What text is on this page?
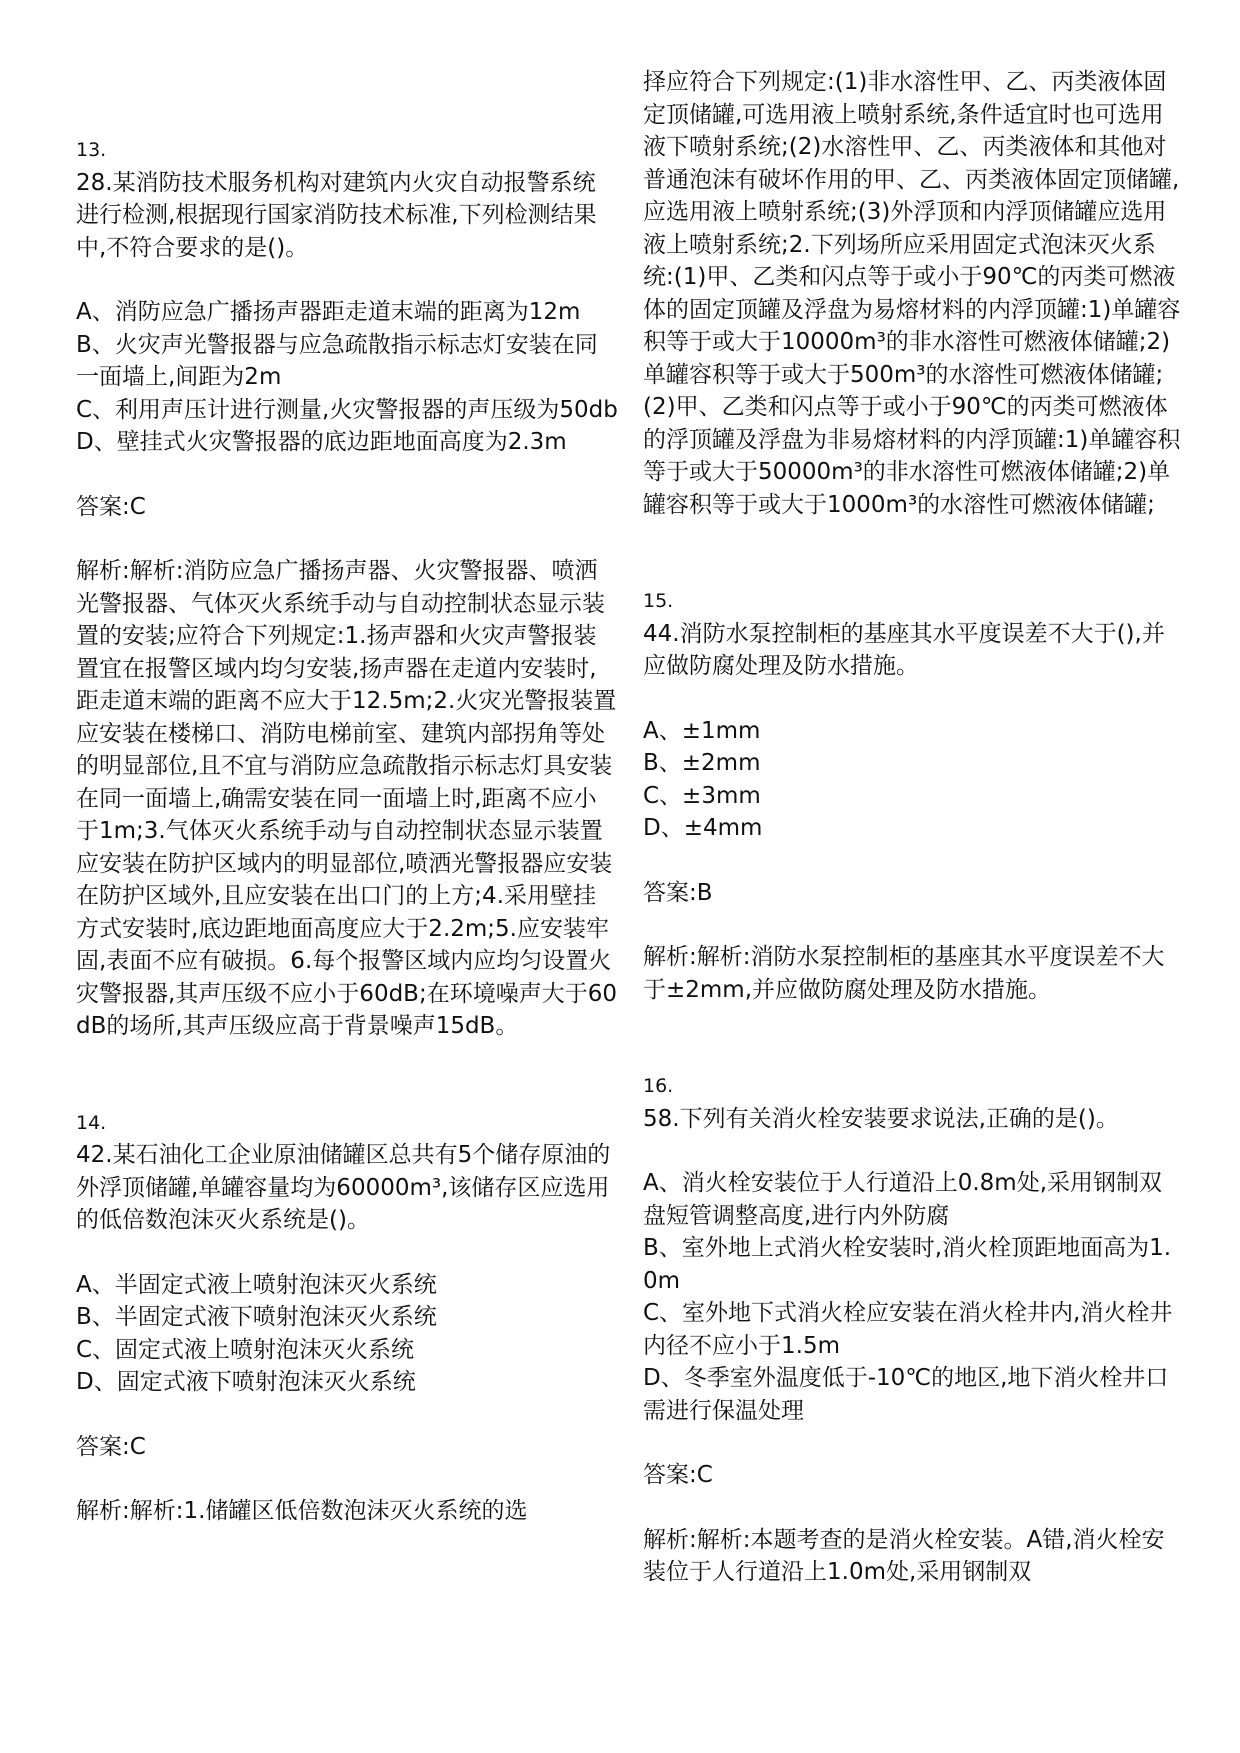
13.

28.某消防技术服务机构对建筑内火灾自动报警系统进行检测,根据现行国家消防技术标准,下列检测结果中,不符合要求的是()。

A、消防应急广播扬声器距走道末端的距离为12m

B、火灾声光警报器与应急疏散指示标志灯安装在同一面墙上,间距为2m

C、利用声压计进行测量,火灾警报器的声压级为50db

D、壁挂式火灾警报器的底边距地面高度为2.3m

答案:C

解析:解析:消防应急广播扬声器、火灾警报器、喷洒光警报器、气体灭火系统手动与自动控制状态显示装置的安装;应符合下列规定:1.扬声器和火灾声警报装置宜在报警区域内均匀安装,扬声器在走道内安装时,距走道末端的距离不应大于12.5m;2.火灾光警报装置应安装在楼梯口、消防电梯前室、建筑内部拐角等处的明显部位,且不宜与消防应急疏散指示标志灯具安装在同一面墙上,确需安装在同一面墙上时,距离不应小于1m;3.气体灭火系统手动与自动控制状态显示装置应安装在防护区域内的明显部位,喷洒光警报器应安装在防护区域外,且应安装在出口门的上方;4.采用壁挂方式安装时,底边距地面高度应大于2.2m;5.应安装牢固,表面不应有破损。6.每个报警区域内应均匀设置火灾警报器,其声压级不应小于60dB;在环境噪声大于60dB的场所,其声压级应高于背景噪声15dB。

14.

42.某石油化工企业原油储罐区总共有5个储存原油的外浮顶储罐,单罐容量均为60000m³,该储存区应选用的低倍数泡沫灭火系统是()。

A、半固定式液上喷射泡沫灭火系统

B、半固定式液下喷射泡沫灭火系统

C、固定式液上喷射泡沫灭火系统

D、固定式液下喷射泡沫灭火系统

答案:C

解析:解析:1.储罐区低倍数泡沫灭火系统的选

择应符合下列规定:(1)非水溶性甲、乙、丙类液体固定顶储罐,可选用液上喷射系统,条件适宜时也可选用液下喷射系统;(2)水溶性甲、乙、丙类液体和其他对普通泡沫有破坏作用的甲、乙、丙类液体固定顶储罐,应选用液上喷射系统;(3)外浮顶和内浮顶储罐应选用液上喷射系统;2.下列场所应采用固定式泡沫灭火系统:(1)甲、乙类和闪点等于或小于90℃的丙类可燃液体的固定顶罐及浮盘为易熔材料的内浮顶罐:1)单罐容积等于或大于10000m³的非水溶性可燃液体储罐;2)单罐容积等于或大于500m³的水溶性可燃液体储罐;(2)甲、乙类和闪点等于或小于90℃的丙类可燃液体的浮顶罐及浮盘为非易熔材料的内浮顶罐:1)单罐容积等于或大于50000m³的非水溶性可燃液体储罐;2)单罐容积等于或大于1000m³的水溶性可燃液体储罐;

15.

44.消防水泵控制柜的基座其水平度误差不大于(),并应做防腐处理及防水措施。

A、±1mm

B、±2mm

C、±3mm

D、±4mm

答案:B

解析:解析:消防水泵控制柜的基座其水平度误差不大于±2mm,并应做防腐处理及防水措施。

16.

58.下列有关消火栓安装要求说法,正确的是()。

A、消火栓安装位于人行道沿上0.8m处,采用钢制双盘短管调整高度,进行内外防腐

B、室外地上式消火栓安装时,消火栓顶距地面高为1.0m

C、室外地下式消火栓应安装在消火栓井内,消火栓井内径不应小于1.5m

D、冬季室外温度低于-10℃的地区,地下消火栓井口需进行保温处理

答案:C

解析:解析:本题考查的是消火栓安装。A错,消火栓安装位于人行道沿上1.0m处,采用钢制双
